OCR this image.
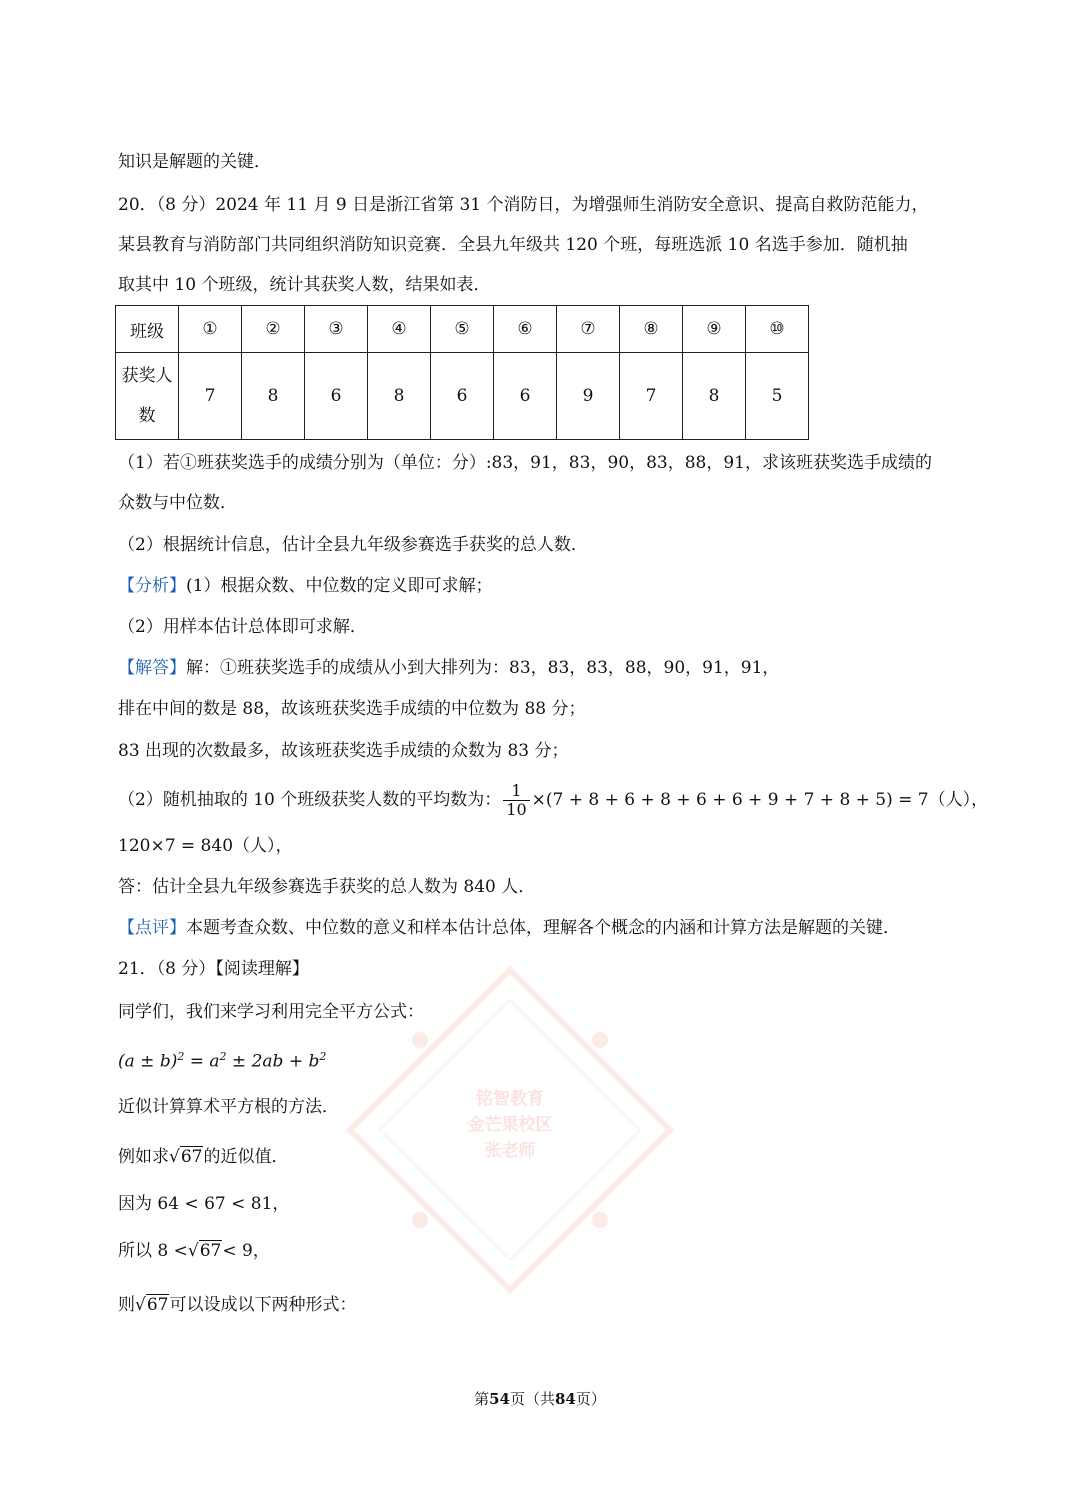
知识是解题的关键．
20．（8 分）2024 年 11 月 9 日是浙江省第 31 个消防日，为增强师生消防安全意识、提高自救防范能力，
某县教育与消防部门共同组织消防知识竞赛．全县九年级共 120 个班，每班选派 10 名选手参加．随机抽
取其中 10 个班级，统计其获奖人数，结果如表．
班级	①	②	③	④	⑤	⑥	⑦	⑧	⑨	⑩
获奖人数	7	8	6	8	6	6	9	7	8	5
（1）若①班获奖选手的成绩分别为（单位：分）:83，91，83，90，83，88，91，求该班获奖选手成绩的
众数与中位数．
（2）根据统计信息，估计全县九年级参赛选手获奖的总人数．
【分析】(1）根据众数、中位数的定义即可求解；
（2）用样本估计总体即可求解．
【解答】解：①班获奖选手的成绩从小到大排列为：83，83，83，88，90，91，91，
排在中间的数是 88，故该班获奖选手成绩的中位数为 88 分；
83 出现的次数最多，故该班获奖选手成绩的众数为 83 分；
（2）随机抽取的 10 个班级获奖人数的平均数为： $\frac{1}{10} \times(7 + 8 + 6 + 8 + 6 + 6 + 9 + 7 + 8 + 5) = 7$（人），
120×7 = 840（人），
答：估计全县九年级参赛选手获奖的总人数为 840 人．
【点评】本题考查众数、中位数的意义和样本估计总体，理解各个概念的内涵和计算方法是解题的关键．
21．（8 分）【阅读理解】
同学们，我们来学习利用完全平方公式：
$(a \pm b)^2 = a^2 \pm 2ab + b^2$
近似计算算术平方根的方法．
例如求√67的近似值．
因为 64 < 67 < 81，
所以 8 <√67< 9，
则√67可以设成以下两种形式：
铭智教育
金芒果校区
张老师
第54页（共84页）
